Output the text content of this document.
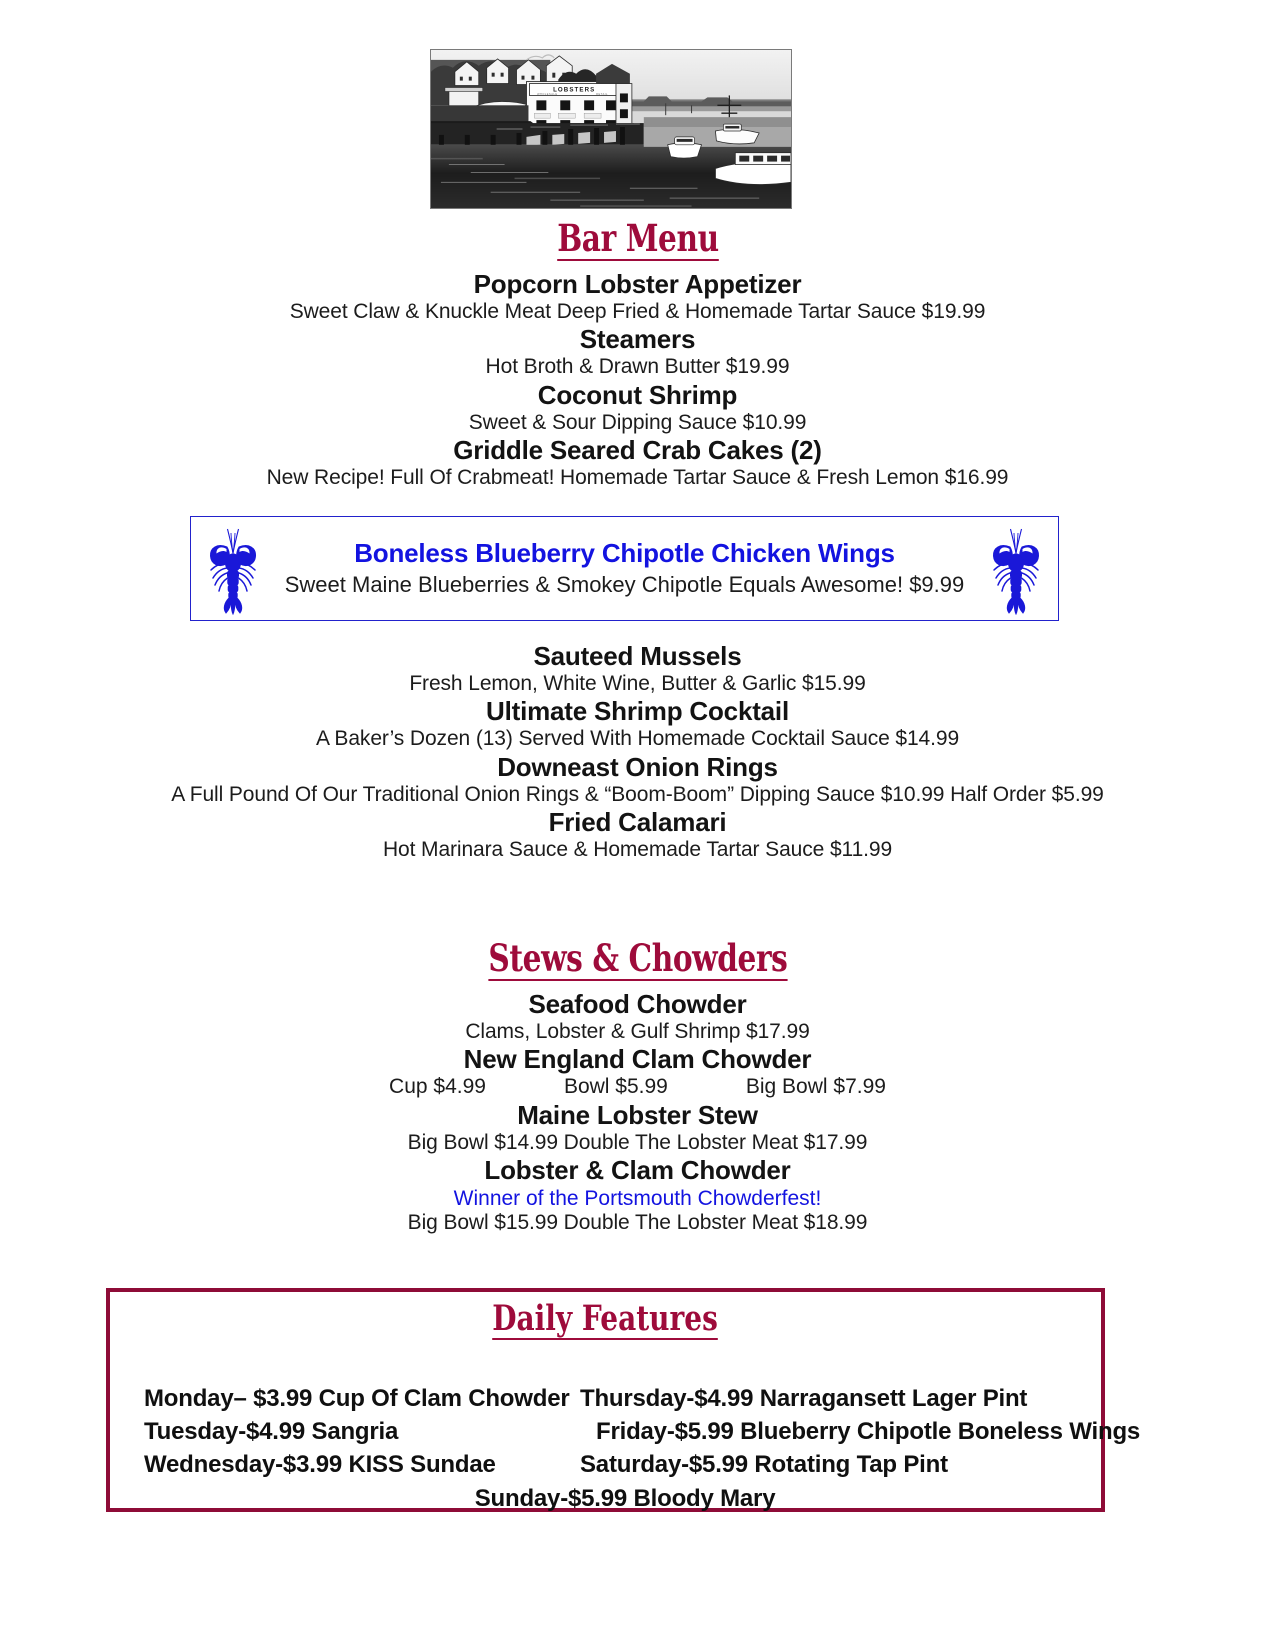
LOBSTERS
WHOLESALE	RETAIL
Bar Menu
Popcorn Lobster Appetizer
Sweet Claw & Knuckle Meat Deep Fried & Homemade Tartar Sauce $19.99
Steamers
Hot Broth & Drawn Butter $19.99
Coconut Shrimp
Sweet & Sour Dipping Sauce $10.99
Griddle Seared Crab Cakes (2)
New Recipe! Full Of Crabmeat! Homemade Tartar Sauce & Fresh Lemon $16.99
Boneless Blueberry Chipotle Chicken Wings
Sweet Maine Blueberries & Smokey Chipotle Equals Awesome! $9.99
Sauteed Mussels
Fresh Lemon, White Wine, Butter & Garlic $15.99
Ultimate Shrimp Cocktail
A Baker’s Dozen (13) Served With Homemade Cocktail Sauce $14.99
Downeast Onion Rings
A Full Pound Of Our Traditional Onion Rings & “Boom-Boom” Dipping Sauce $10.99 Half Order $5.99
Fried Calamari
Hot Marinara Sauce & Homemade Tartar Sauce $11.99
Stews & Chowders
Seafood Chowder
Clams, Lobster & Gulf Shrimp $17.99
New England Clam Chowder
Cup $4.99	Bowl $5.99	Big Bowl $7.99
Maine Lobster Stew
Big Bowl $14.99 Double The Lobster Meat $17.99
Lobster & Clam Chowder
Winner of the Portsmouth Chowderfest!
Big Bowl $15.99 Double The Lobster Meat $18.99
Daily Features
Monday– $3.99 Cup Of Clam Chowder Thursday-$4.99 Narragansett Lager Pint
Tuesday-$4.99 Sangria	Friday-$5.99 Blueberry Chipotle Boneless Wings
Wednesday-$3.99 KISS Sundae	Saturday-$5.99 Rotating Tap Pint
Sunday-$5.99 Bloody Mary
